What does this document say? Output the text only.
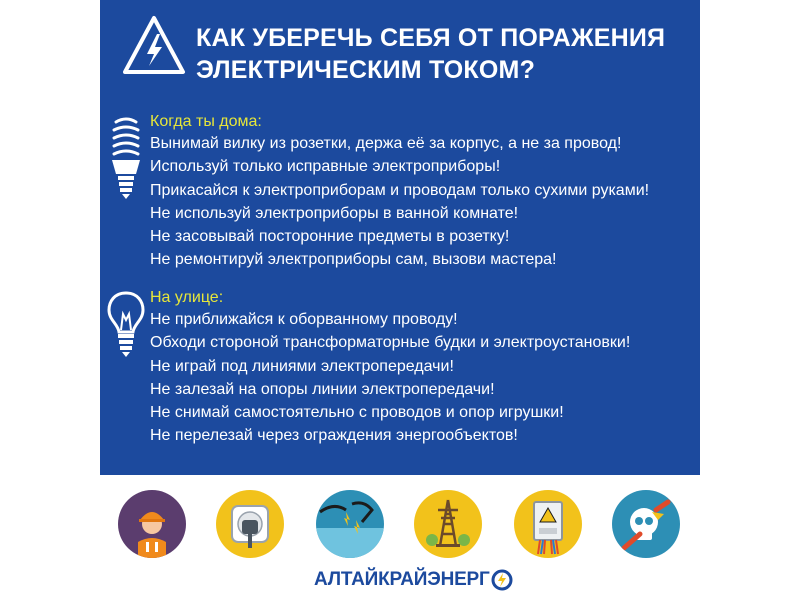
КАК УБЕРЕЧЬ СЕБЯ ОТ ПОРАЖЕНИЯ
ЭЛЕКТРИЧЕСКИМ ТОКОМ?
Когда ты дома:
Вынимай вилку из розетки, держа её за корпус, а не за провод!
Используй только исправные электроприборы!
Прикасайся к электроприборам и проводам только сухими руками!
Не используй электроприборы в ванной комнате!
Не засовывай посторонние предметы в розетку!
Не ремонтируй электроприборы сам, вызови мастера!
На улице:
Не приближайся к оборванному проводу!
Обходи стороной трансформаторные будки и электроустановки!
Не играй под линиями электропередачи!
Не залезай на опоры линии электропередачи!
Не снимай самостоятельно с проводов и опор игрушки!
Не перелезай через ограждения энергообъектов!
АЛТАЙКРАЙЭНЕРГ
